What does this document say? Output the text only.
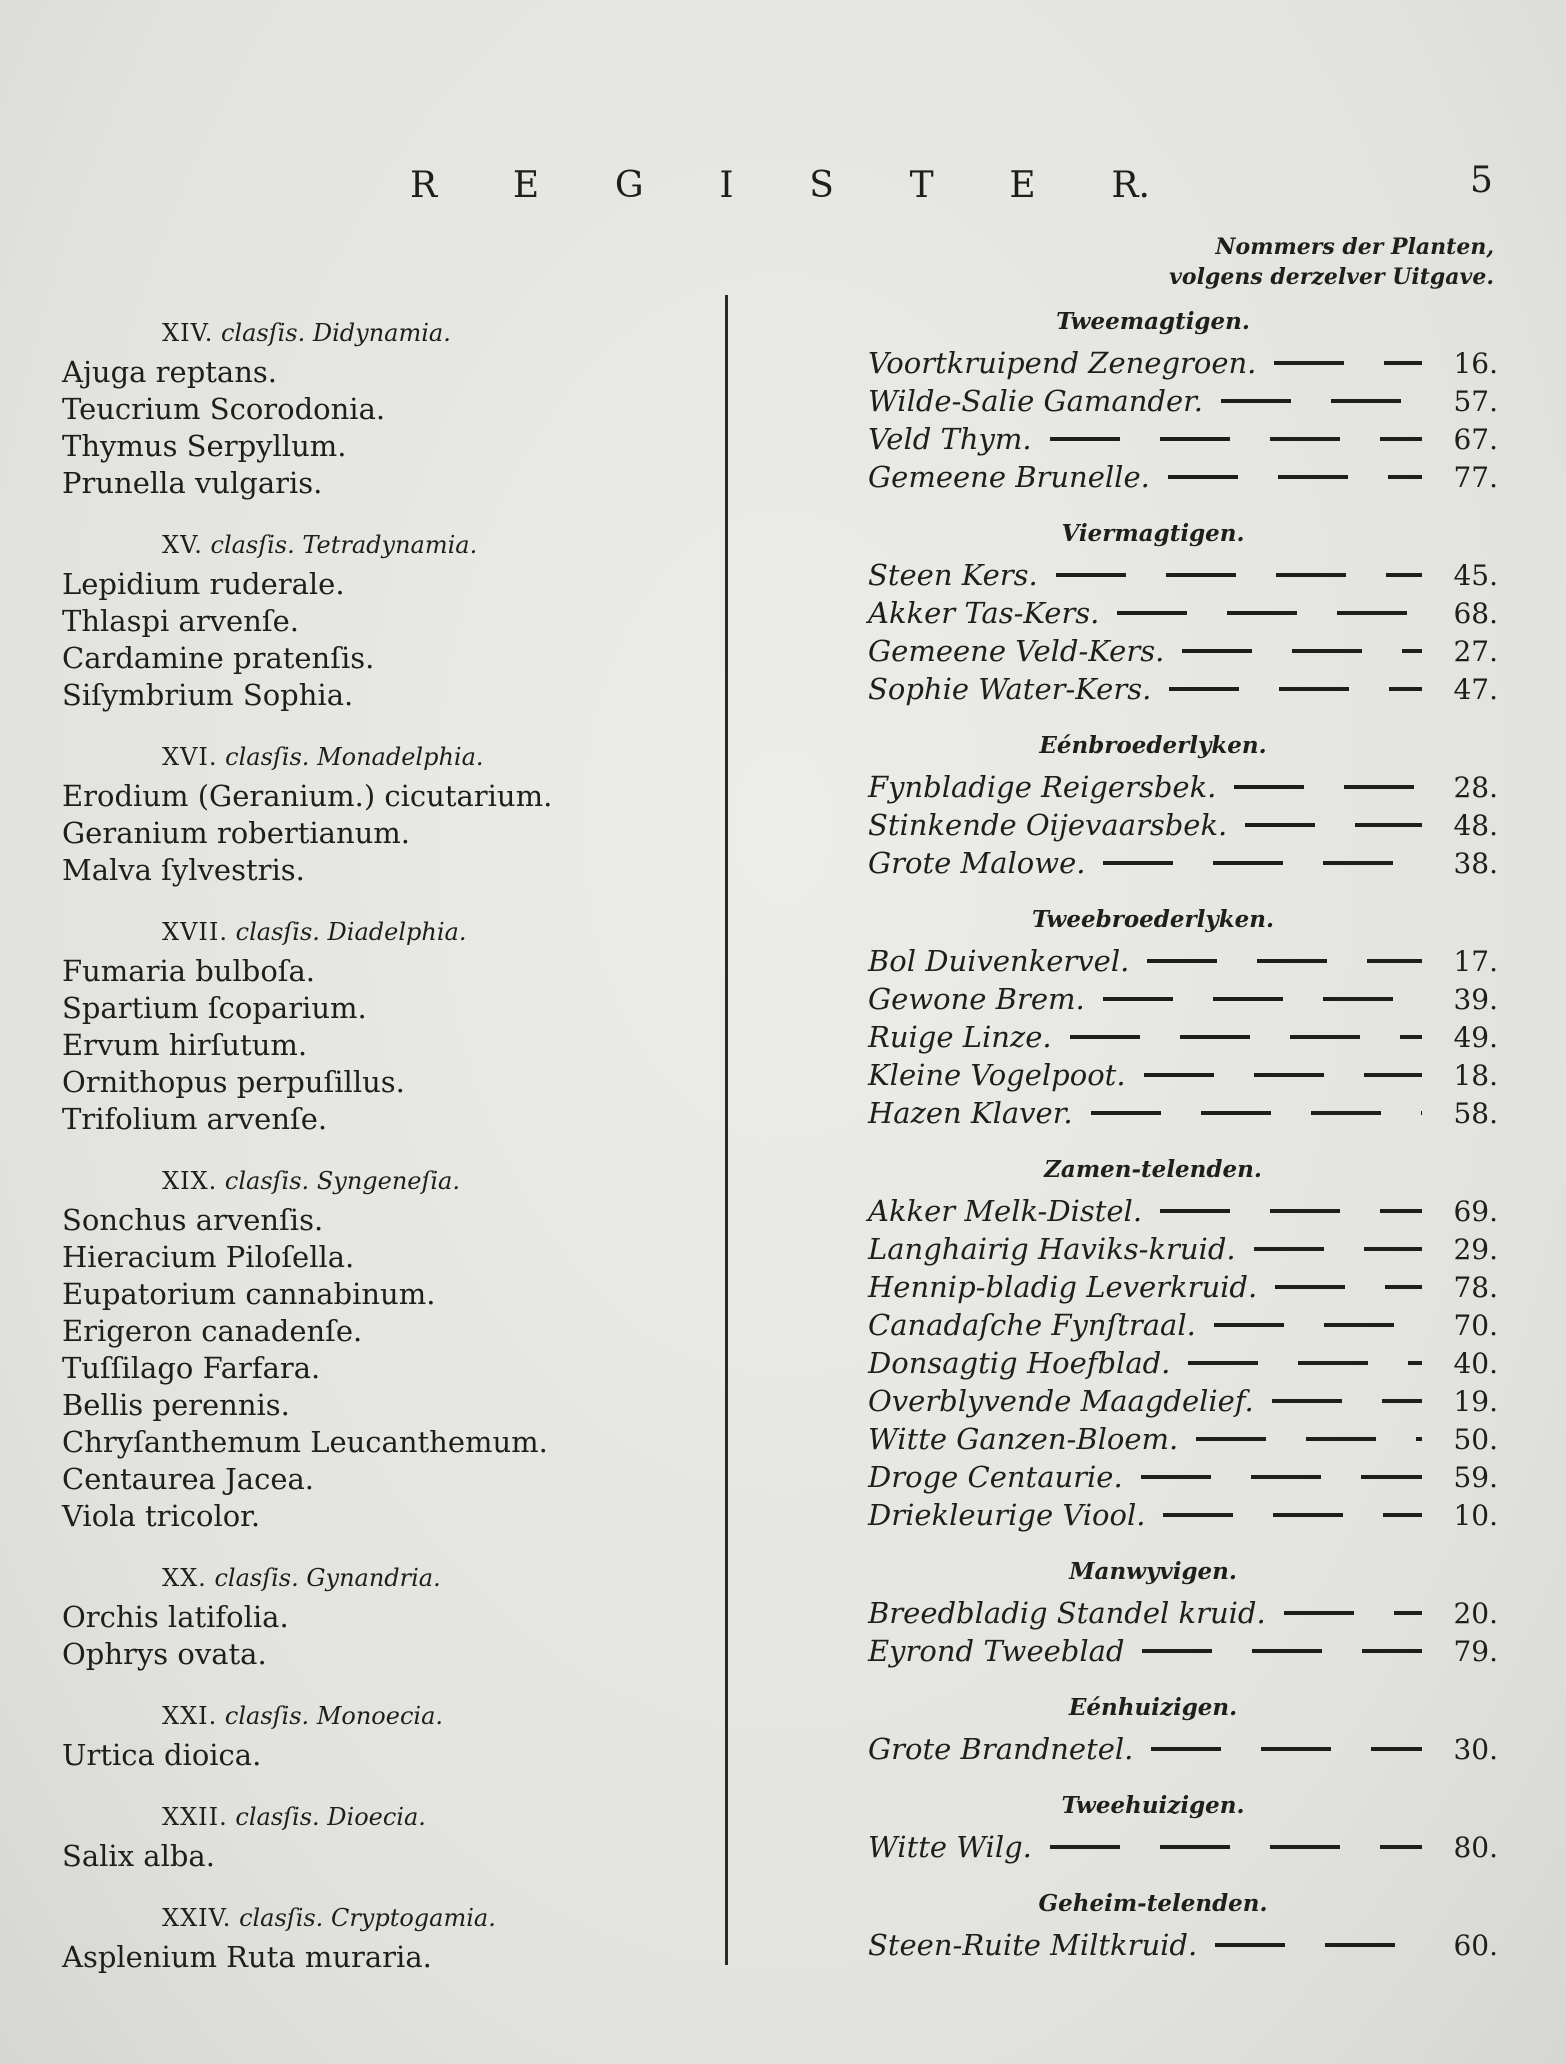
R E G I S T E R.	5
Nommers der Planten,
volgens derzelver Uitgave.
XIV. clasſis. Didynamia.
Ajuga reptans.
Teucrium Scorodonia.
Thymus Serpyllum.
Prunella vulgaris.
XV. clasſis. Tetradynamia.
Lepidium ruderale.
Thlaspi arvenſe.
Cardamine pratenſis.
Siſymbrium Sophia.
XVI. clasſis. Monadelphia.
Erodium (Geranium.) cicutarium.
Geranium robertianum.
Malva ſylvestris.
XVII. clasſis. Diadelphia.
Fumaria bulboſa.
Spartium ſcoparium.
Ervum hirſutum.
Ornithopus perpuſillus.
Trifolium arvenſe.
XIX. clasſis. Syngeneſia.
Sonchus arvenſis.
Hieracium Piloſella.
Eupatorium cannabinum.
Erigeron canadenſe.
Tuſſilago Farfara.
Bellis perennis.
Chryſanthemum Leucanthemum.
Centaurea Jacea.
Viola tricolor.
XX. clasſis. Gynandria.
Orchis latifolia.
Ophrys ovata.
XXI. clasſis. Monoecia.
Urtica dioica.
XXII. clasſis. Dioecia.
Salix alba.
XXIV. clasſis. Cryptogamia.
Asplenium Ruta muraria.
Tweemagtigen.
Voortkruipend Zenegroen.	16.
Wilde-Salie Gamander.	57.
Veld Thym.	67.
Gemeene Brunelle.	77.
Viermagtigen.
Steen Kers.	45.
Akker Tas-Kers.	68.
Gemeene Veld-Kers.	27.
Sophie Water-Kers.	47.
Eénbroederlyken.
Fynbladige Reigersbek.	28.
Stinkende Oijevaarsbek.	48.
Grote Malowe.	38.
Tweebroederlyken.
Bol Duivenkervel.	17.
Gewone Brem.	39.
Ruige Linze.	49.
Kleine Vogelpoot.	18.
Hazen Klaver.	58.
Zamen-telenden.
Akker Melk-Distel.	69.
Langhairig Haviks-kruid.	29.
Hennip-bladig Leverkruid.	78.
Canadaſche Fynſtraal.	70.
Donsagtig Hoefblad.	40.
Overblyvende Maagdelief.	19.
Witte Ganzen-Bloem.	50.
Droge Centaurie.	59.
Driekleurige Viool.	10.
Manwyvigen.
Breedbladig Standel kruid.	20.
Eyrond Tweeblad	79.
Eénhuizigen.
Grote Brandnetel.	30.
Tweehuizigen.
Witte Wilg.	80.
Geheim-telenden.
Steen-Ruite Miltkruid.	60.
